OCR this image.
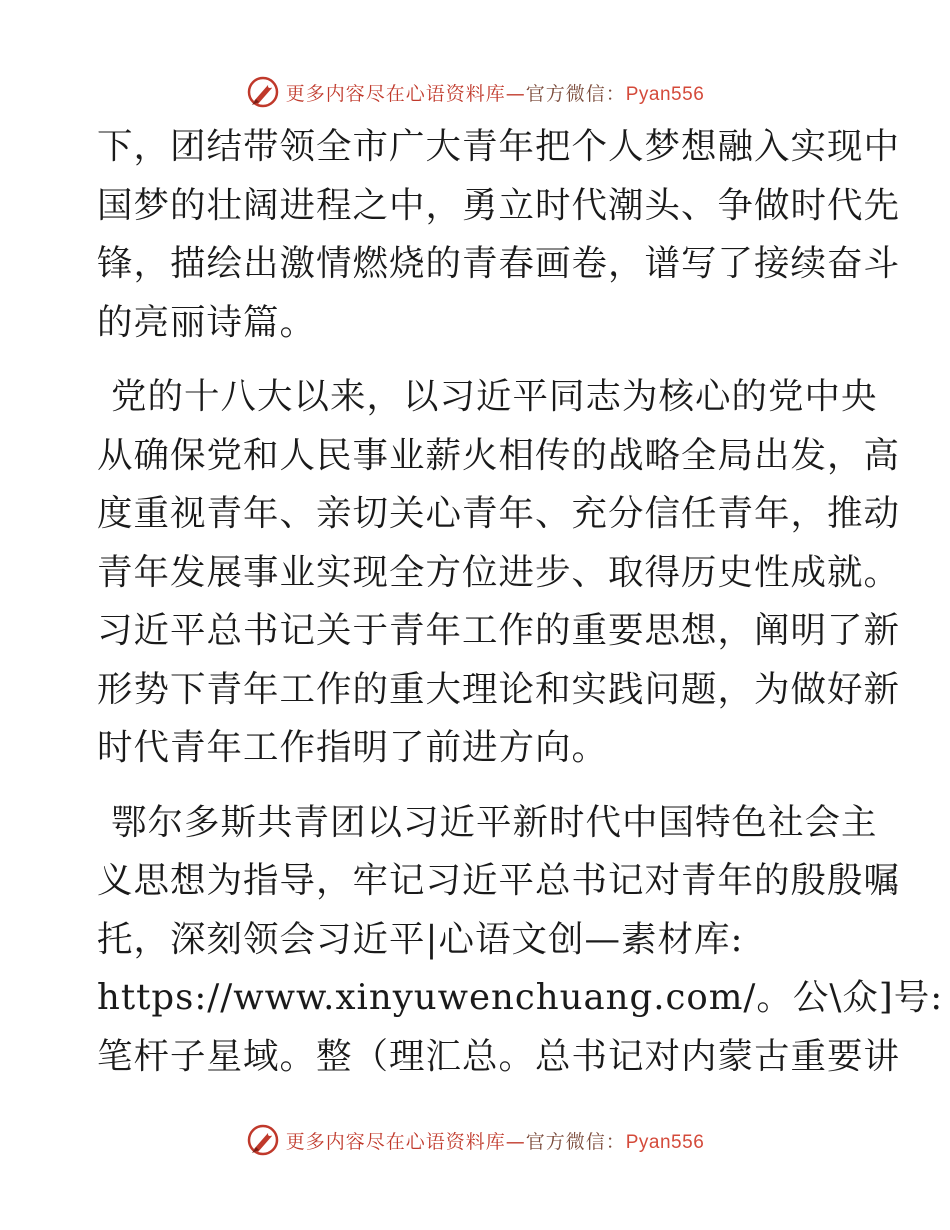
更多内容尽在心语资料库—官方微信：Pyan556
下，团结带领全市广大青年把个人梦想融入实现中
国梦的壮阔进程之中，勇立时代潮头、争做时代先
锋，描绘出激情燃烧的青春画卷，谱写了接续奋斗
的亮丽诗篇。
党的十八大以来，以习近平同志为核心的党中央
从确保党和人民事业薪火相传的战略全局出发，高
度重视青年、亲切关心青年、充分信任青年，推动
青年发展事业实现全方位进步、取得历史性成就。
习近平总书记关于青年工作的重要思想，阐明了新
形势下青年工作的重大理论和实践问题，为做好新
时代青年工作指明了前进方向。
鄂尔多斯共青团以习近平新时代中国特色社会主
义思想为指导，牢记习近平总书记对青年的殷殷嘱
托，深刻领会习近平|心语文创—素材库:
https://www.xinyuwenchuang.com/。公\众]号:
笔杆子星域。整（理汇总。总书记对内蒙古重要讲
更多内容尽在心语资料库—官方微信：Pyan556
